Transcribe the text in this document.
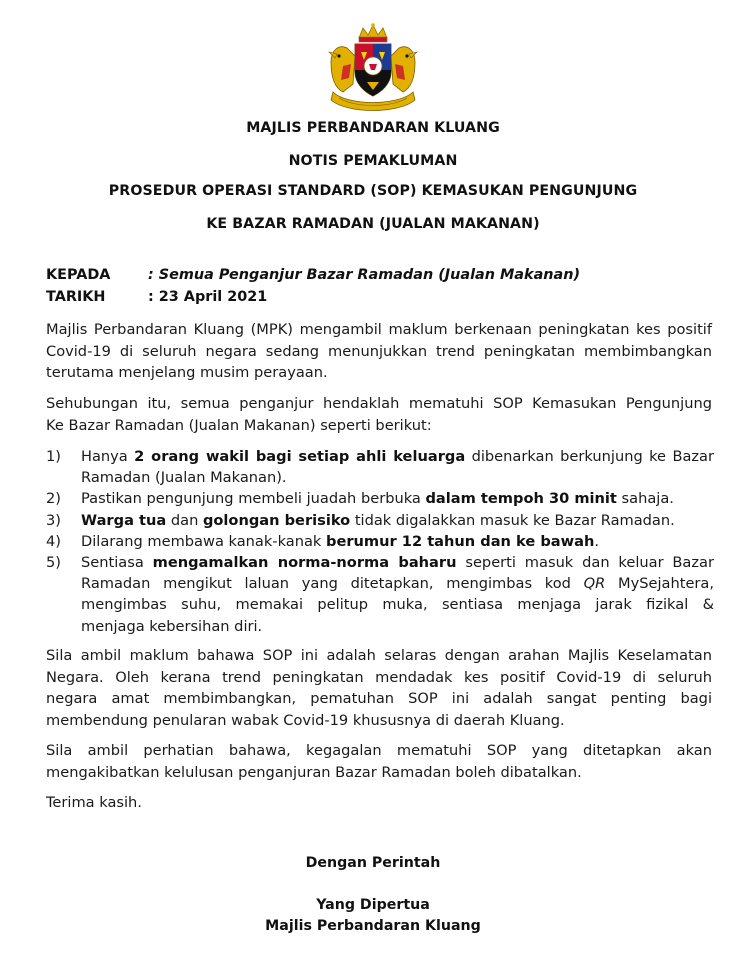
MAJLIS PERBANDARAN KLUANG
NOTIS PEMAKLUMAN
PROSEDUR OPERASI STANDARD (SOP) KEMASUKAN PENGUNJUNG
KE BAZAR RAMADAN (JUALAN MAKANAN)
KEPADA	: Semua Penganjur Bazar Ramadan (Jualan Makanan)
TARIKH	: 23 April 2021
Majlis Perbandaran Kluang (MPK) mengambil maklum berkenaan peningkatan kes positif
Covid-19 di seluruh negara sedang menunjukkan trend peningkatan membimbangkan
terutama menjelang musim perayaan.
Sehubungan itu, semua penganjur hendaklah mematuhi SOP Kemasukan Pengunjung
Ke Bazar Ramadan (Jualan Makanan) seperti berikut:
1)	Hanya 2 orang wakil bagi setiap ahli keluarga dibenarkan berkunjung ke Bazar
Ramadan (Jualan Makanan).
2)	Pastikan pengunjung membeli juadah berbuka dalam tempoh 30 minit sahaja.
3)	Warga tua dan golongan berisiko tidak digalakkan masuk ke Bazar Ramadan.
4)	Dilarang membawa kanak-kanak berumur 12 tahun dan ke bawah.
5)	Sentiasa mengamalkan norma-norma baharu seperti masuk dan keluar Bazar
Ramadan mengikut laluan yang ditetapkan, mengimbas kod QR MySejahtera,
mengimbas suhu, memakai pelitup muka, sentiasa menjaga jarak fizikal &
menjaga kebersihan diri.
Sila ambil maklum bahawa SOP ini adalah selaras dengan arahan Majlis Keselamatan
Negara. Oleh kerana trend peningkatan mendadak kes positif Covid-19 di seluruh
negara amat membimbangkan, pematuhan SOP ini adalah sangat penting bagi
membendung penularan wabak Covid-19 khususnya di daerah Kluang.
Sila ambil perhatian bahawa, kegagalan mematuhi SOP yang ditetapkan akan
mengakibatkan kelulusan penganjuran Bazar Ramadan boleh dibatalkan.
Terima kasih.
Dengan Perintah
Yang Dipertua
Majlis Perbandaran Kluang
